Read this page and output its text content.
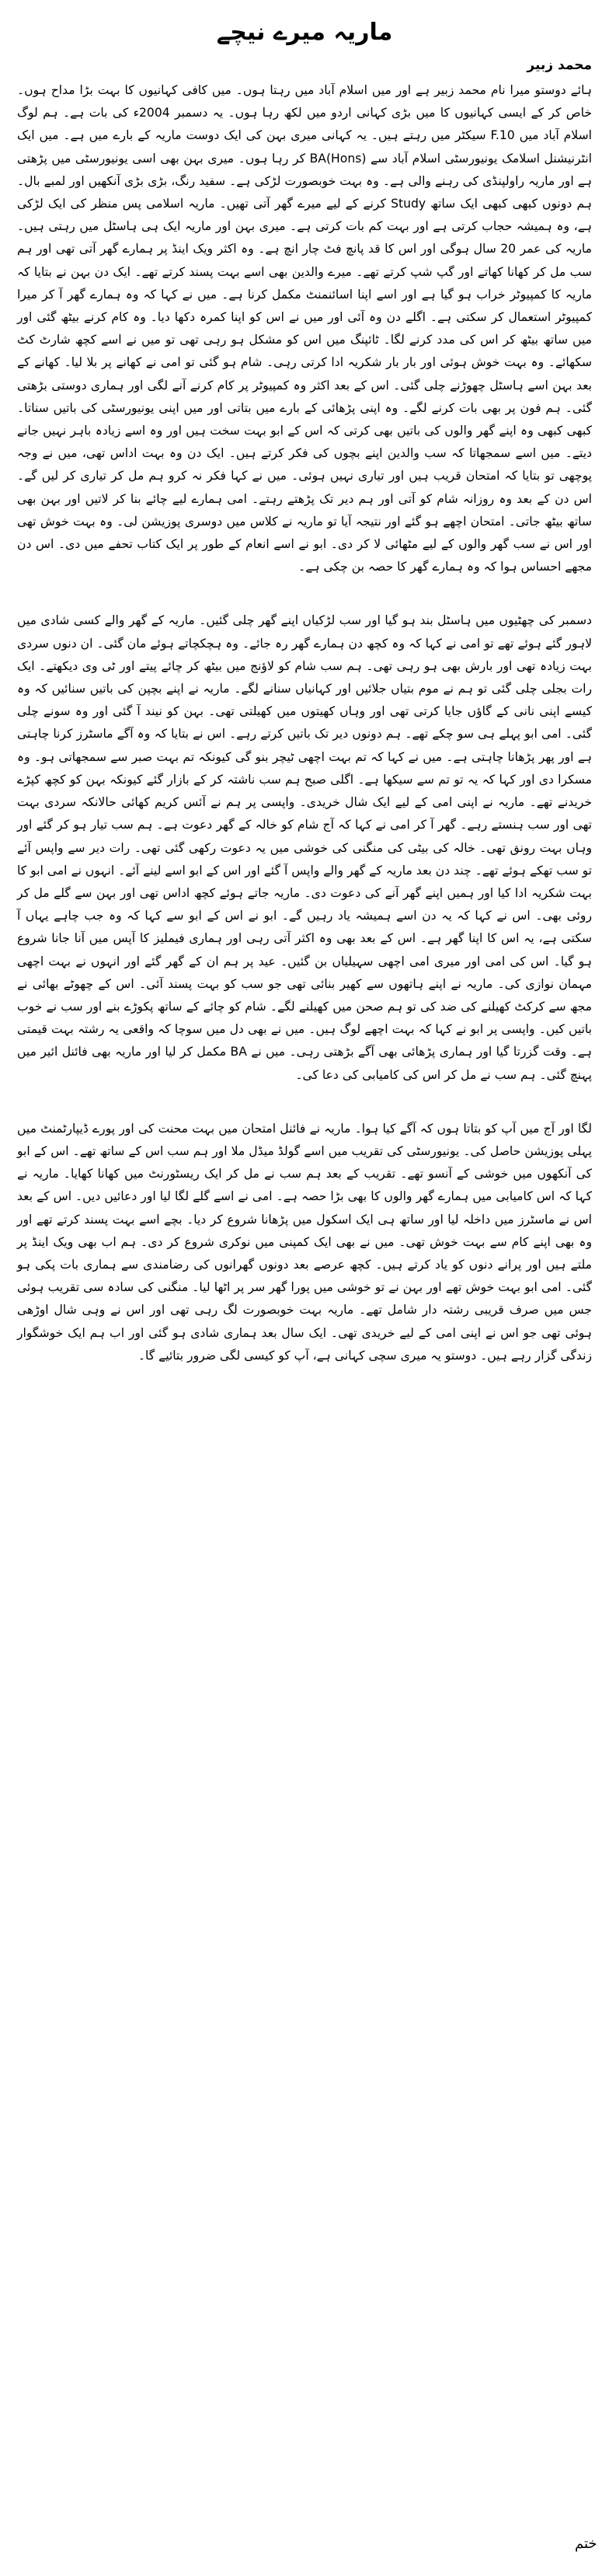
ماریہ میرے نیچے
محمد زبیر

ہائے دوستو میرا نام محمد زبیر ہے اور میں اسلام آباد میں رہتا ہوں۔ میں کافی کہانیوں کا بہت بڑا مداح ہوں۔ خاص کر کے ایسی کہانیوں کا میں بڑی کہانی اردو میں لکھ رہا ہوں۔ یہ دسمبر 2004ء کی بات ہے۔ ہم لوگ اسلام آباد میں F.10 سیکٹر میں رہتے ہیں۔ یہ کہانی میری بہن کی ایک دوست ماریہ کے بارے میں ہے۔ میں ایک انٹرنیشنل اسلامک یونیورسٹی اسلام آباد سے BA(Hons) کر رہا ہوں۔ میری بہن بھی اسی یونیورسٹی میں پڑھتی ہے اور ماریہ راولپنڈی کی رہنے والی ہے۔ وہ بہت خوبصورت لڑکی ہے۔ سفید رنگ، بڑی بڑی آنکھیں اور لمبے بال۔ ہم دونوں کبھی کبھی ایک ساتھ Study کرنے کے لیے میرے گھر آتی تھیں۔ ماریہ اسلامی پس منظر کی ایک لڑکی ہے، وہ ہمیشہ حجاب کرتی ہے اور بہت کم بات کرتی ہے۔ میری بہن اور ماریہ ایک ہی ہاسٹل میں رہتی ہیں۔ ماریہ کی عمر 20 سال ہوگی اور اس کا قد پانچ فٹ چار انچ ہے۔ وہ اکثر ویک اینڈ پر ہمارے گھر آتی تھی اور ہم سب مل کر کھانا کھاتے اور گپ شپ کرتے تھے۔ میرے والدین بھی اسے بہت پسند کرتے تھے۔ ایک دن بہن نے بتایا کہ ماریہ کا کمپیوٹر خراب ہو گیا ہے اور اسے اپنا اسائنمنٹ مکمل کرنا ہے۔ میں نے کہا کہ وہ ہمارے گھر آ کر میرا کمپیوٹر استعمال کر سکتی ہے۔ اگلے دن وہ آئی اور میں نے اس کو اپنا کمرہ دکھا دیا۔ وہ کام کرنے بیٹھ گئی اور میں ساتھ بیٹھ کر اس کی مدد کرنے لگا۔ ٹائپنگ میں اس کو مشکل ہو رہی تھی تو میں نے اسے کچھ شارٹ کٹ سکھائے۔ وہ بہت خوش ہوئی اور بار بار شکریہ ادا کرتی رہی۔ شام ہو گئی تو امی نے کھانے پر بلا لیا۔ کھانے کے بعد بہن اسے ہاسٹل چھوڑنے چلی گئی۔ اس کے بعد اکثر وہ کمپیوٹر پر کام کرنے آنے لگی اور ہماری دوستی بڑھتی گئی۔ ہم فون پر بھی بات کرنے لگے۔ وہ اپنی پڑھائی کے بارے میں بتاتی اور میں اپنی یونیورسٹی کی باتیں سناتا۔ کبھی کبھی وہ اپنے گھر والوں کی باتیں بھی کرتی کہ اس کے ابو بہت سخت ہیں اور وہ اسے زیادہ باہر نہیں جانے دیتے۔ میں اسے سمجھاتا کہ سب والدین اپنے بچوں کی فکر کرتے ہیں۔ ایک دن وہ بہت اداس تھی، میں نے وجہ پوچھی تو بتایا کہ امتحان قریب ہیں اور تیاری نہیں ہوئی۔ میں نے کہا فکر نہ کرو ہم مل کر تیاری کر لیں گے۔ اس دن کے بعد وہ روزانہ شام کو آتی اور ہم دیر تک پڑھتے رہتے۔ امی ہمارے لیے چائے بنا کر لاتیں اور بہن بھی ساتھ بیٹھ جاتی۔ امتحان اچھے ہو گئے اور نتیجہ آیا تو ماریہ نے کلاس میں دوسری پوزیشن لی۔ وہ بہت خوش تھی اور اس نے سب گھر والوں کے لیے مٹھائی لا کر دی۔ ابو نے اسے انعام کے طور پر ایک کتاب تحفے میں دی۔ اس دن مجھے احساس ہوا کہ وہ ہمارے گھر کا حصہ بن چکی ہے۔

دسمبر کی چھٹیوں میں ہاسٹل بند ہو گیا اور سب لڑکیاں اپنے گھر چلی گئیں۔ ماریہ کے گھر والے کسی شادی میں لاہور گئے ہوئے تھے تو امی نے کہا کہ وہ کچھ دن ہمارے گھر رہ جائے۔ وہ ہچکچاتے ہوئے مان گئی۔ ان دنوں سردی بہت زیادہ تھی اور بارش بھی ہو رہی تھی۔ ہم سب شام کو لاؤنج میں بیٹھ کر چائے پیتے اور ٹی وی دیکھتے۔ ایک رات بجلی چلی گئی تو ہم نے موم بتیاں جلائیں اور کہانیاں سنانے لگے۔ ماریہ نے اپنے بچپن کی باتیں سنائیں کہ وہ کیسے اپنی نانی کے گاؤں جایا کرتی تھی اور وہاں کھیتوں میں کھیلتی تھی۔ بہن کو نیند آ گئی اور وہ سونے چلی گئی۔ امی ابو پہلے ہی سو چکے تھے۔ ہم دونوں دیر تک باتیں کرتے رہے۔ اس نے بتایا کہ وہ آگے ماسٹرز کرنا چاہتی ہے اور پھر پڑھانا چاہتی ہے۔ میں نے کہا کہ تم بہت اچھی ٹیچر بنو گی کیونکہ تم بہت صبر سے سمجھاتی ہو۔ وہ مسکرا دی اور کہا کہ یہ تو تم سے سیکھا ہے۔ اگلی صبح ہم سب ناشتہ کر کے بازار گئے کیونکہ بہن کو کچھ کپڑے خریدنے تھے۔ ماریہ نے اپنی امی کے لیے ایک شال خریدی۔ واپسی پر ہم نے آئس کریم کھائی حالانکہ سردی بہت تھی اور سب ہنستے رہے۔ گھر آ کر امی نے کہا کہ آج شام کو خالہ کے گھر دعوت ہے۔ ہم سب تیار ہو کر گئے اور وہاں بہت رونق تھی۔ خالہ کی بیٹی کی منگنی کی خوشی میں یہ دعوت رکھی گئی تھی۔ رات دیر سے واپس آئے تو سب تھکے ہوئے تھے۔ چند دن بعد ماریہ کے گھر والے واپس آ گئے اور اس کے ابو اسے لینے آئے۔ انہوں نے امی ابو کا بہت شکریہ ادا کیا اور ہمیں اپنے گھر آنے کی دعوت دی۔ ماریہ جاتے ہوئے کچھ اداس تھی اور بہن سے گلے مل کر روئی بھی۔ اس نے کہا کہ یہ دن اسے ہمیشہ یاد رہیں گے۔ ابو نے اس کے ابو سے کہا کہ وہ جب چاہے یہاں آ سکتی ہے، یہ اس کا اپنا گھر ہے۔ اس کے بعد بھی وہ اکثر آتی رہی اور ہماری فیملیز کا آپس میں آنا جانا شروع ہو گیا۔ اس کی امی اور میری امی اچھی سہیلیاں بن گئیں۔ عید پر ہم ان کے گھر گئے اور انہوں نے بہت اچھی مہمان نوازی کی۔ ماریہ نے اپنے ہاتھوں سے کھیر بنائی تھی جو سب کو بہت پسند آئی۔ اس کے چھوٹے بھائی نے مجھ سے کرکٹ کھیلنے کی ضد کی تو ہم صحن میں کھیلنے لگے۔ شام کو چائے کے ساتھ پکوڑے بنے اور سب نے خوب باتیں کیں۔ واپسی پر ابو نے کہا کہ بہت اچھے لوگ ہیں۔ میں نے بھی دل میں سوچا کہ واقعی یہ رشتہ بہت قیمتی ہے۔ وقت گزرتا گیا اور ہماری پڑھائی بھی آگے بڑھتی رہی۔ میں نے BA مکمل کر لیا اور ماریہ بھی فائنل ائیر میں پہنچ گئی۔ ہم سب نے مل کر اس کی کامیابی کی دعا کی۔

لگا اور آج میں آپ کو بتاتا ہوں کہ آگے کیا ہوا۔ ماریہ نے فائنل امتحان میں بہت محنت کی اور پورے ڈیپارٹمنٹ میں پہلی پوزیشن حاصل کی۔ یونیورسٹی کی تقریب میں اسے گولڈ میڈل ملا اور ہم سب اس کے ساتھ تھے۔ اس کے ابو کی آنکھوں میں خوشی کے آنسو تھے۔ تقریب کے بعد ہم سب نے مل کر ایک ریسٹورنٹ میں کھانا کھایا۔ ماریہ نے کہا کہ اس کامیابی میں ہمارے گھر والوں کا بھی بڑا حصہ ہے۔ امی نے اسے گلے لگا لیا اور دعائیں دیں۔ اس کے بعد اس نے ماسٹرز میں داخلہ لیا اور ساتھ ہی ایک اسکول میں پڑھانا شروع کر دیا۔ بچے اسے بہت پسند کرتے تھے اور وہ بھی اپنے کام سے بہت خوش تھی۔ میں نے بھی ایک کمپنی میں نوکری شروع کر دی۔ ہم اب بھی ویک اینڈ پر ملتے ہیں اور پرانے دنوں کو یاد کرتے ہیں۔ کچھ عرصے بعد دونوں گھرانوں کی رضامندی سے ہماری بات پکی ہو گئی۔ امی ابو بہت خوش تھے اور بہن نے تو خوشی میں پورا گھر سر پر اٹھا لیا۔ منگنی کی سادہ سی تقریب ہوئی جس میں صرف قریبی رشتہ دار شامل تھے۔ ماریہ بہت خوبصورت لگ رہی تھی اور اس نے وہی شال اوڑھی ہوئی تھی جو اس نے اپنی امی کے لیے خریدی تھی۔ ایک سال بعد ہماری شادی ہو گئی اور اب ہم ایک خوشگوار زندگی گزار رہے ہیں۔ دوستو یہ میری سچی کہانی ہے، آپ کو کیسی لگی ضرور بتائیے گا۔

ختم
